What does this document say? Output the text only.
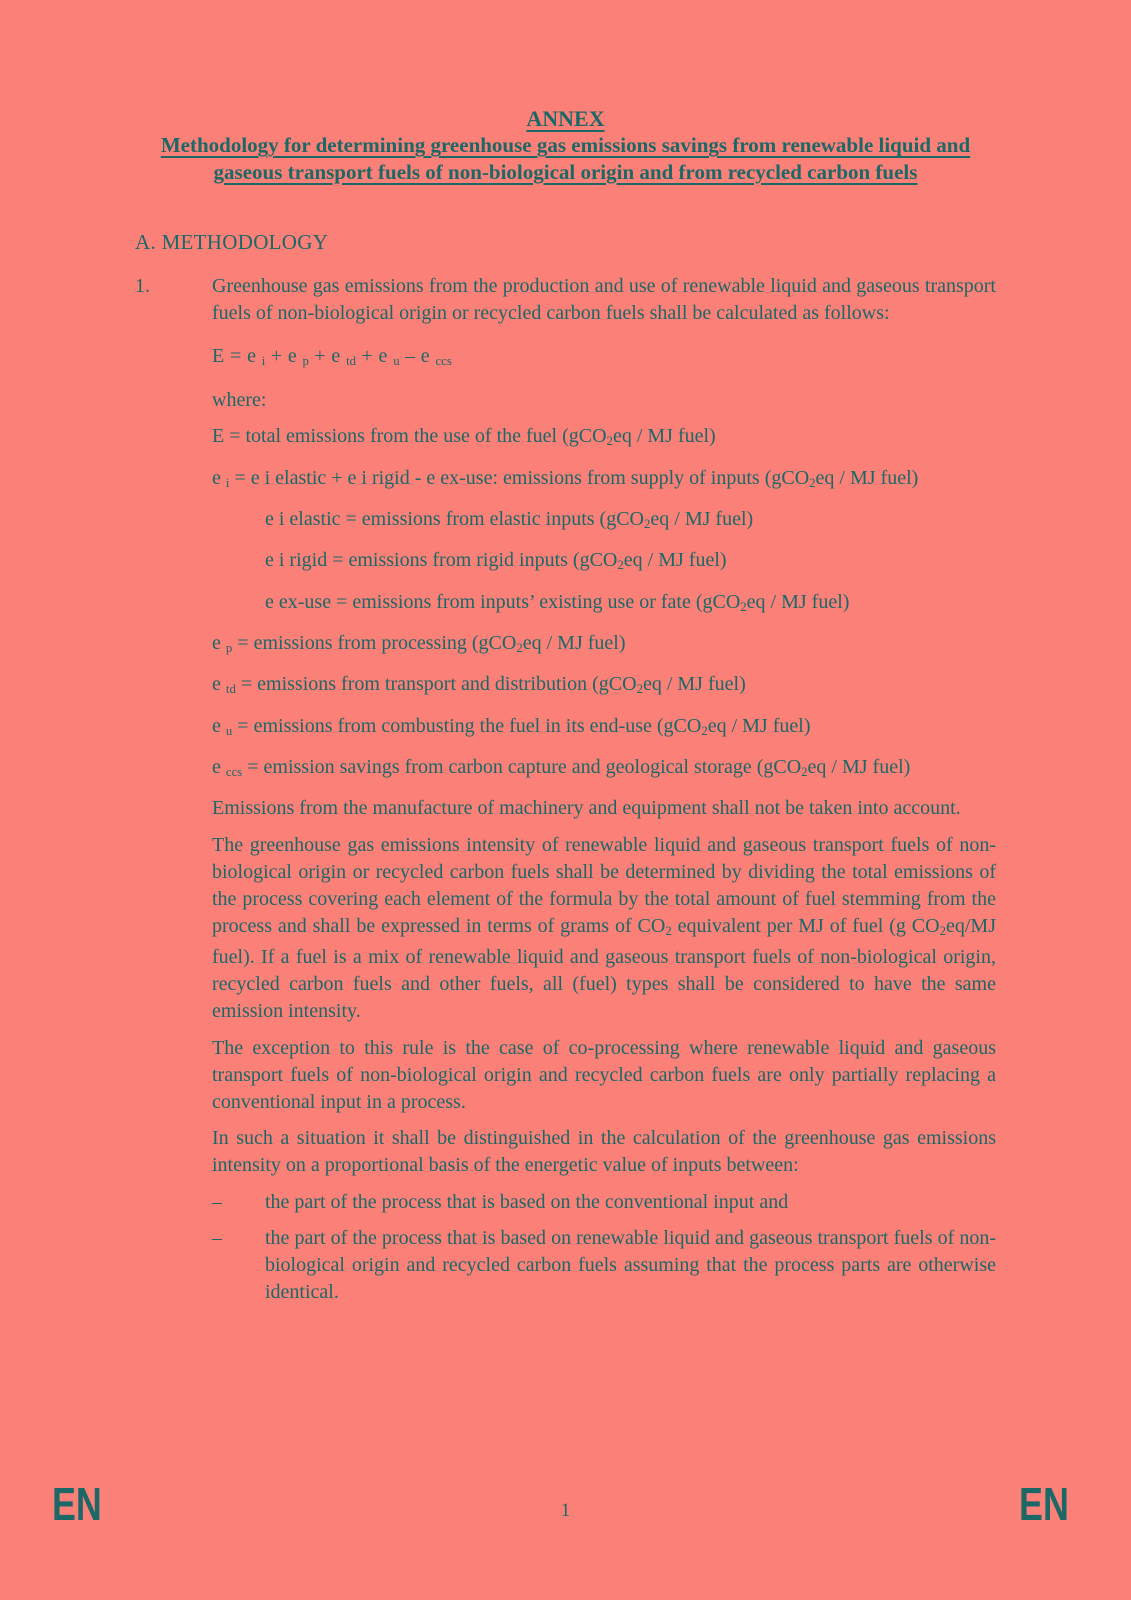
ANNEX
Methodology for determining greenhouse gas emissions savings from renewable liquid and gaseous transport fuels of non-biological origin and from recycled carbon fuels
A. METHODOLOGY
1.	Greenhouse gas emissions from the production and use of renewable liquid and gaseous transport fuels of non-biological origin or recycled carbon fuels shall be calculated as follows:
E = e $_i$ + e $_p$ + e $_{td}$ + e $_u$ – e $_{ccs}$
where:
E = total emissions from the use of the fuel (gCO$_2$eq / MJ fuel)
e $_i$ = e i elastic + e i rigid - e ex-use: emissions from supply of inputs (gCO$_2$eq / MJ fuel)
e i elastic = emissions from elastic inputs (gCO$_2$eq / MJ fuel)
e i rigid = emissions from rigid inputs (gCO$_2$eq / MJ fuel)
e ex-use = emissions from inputs’ existing use or fate (gCO$_2$eq / MJ fuel)
e $_p$ = emissions from processing (gCO$_2$eq / MJ fuel)
e $_{td}$ = emissions from transport and distribution (gCO$_2$eq / MJ fuel)
e $_u$ = emissions from combusting the fuel in its end-use (gCO$_2$eq / MJ fuel)
e $_{ccs}$ = emission savings from carbon capture and geological storage (gCO$_2$eq / MJ fuel)
Emissions from the manufacture of machinery and equipment shall not be taken into account.
The greenhouse gas emissions intensity of renewable liquid and gaseous transport fuels of non-biological origin or recycled carbon fuels shall be determined by dividing the total emissions of the process covering each element of the formula by the total amount of fuel stemming from the process and shall be expressed in terms of grams of $CO_2$ equivalent per MJ of fuel (g $CO_2eq/MJ$ fuel). If a fuel is a mix of renewable liquid and gaseous transport fuels of non-biological origin, recycled carbon fuels and other fuels, all (fuel) types shall be considered to have the same emission intensity.
The exception to this rule is the case of co-processing where renewable liquid and gaseous transport fuels of non-biological origin and recycled carbon fuels are only partially replacing a conventional input in a process.
In such a situation it shall be distinguished in the calculation of the greenhouse gas emissions intensity on a proportional basis of the energetic value of inputs between:
–	the part of the process that is based on the conventional input and
–	the part of the process that is based on renewable liquid and gaseous transport fuels of non-biological origin and recycled carbon fuels assuming that the process parts are otherwise identical.
EN	1	EN
